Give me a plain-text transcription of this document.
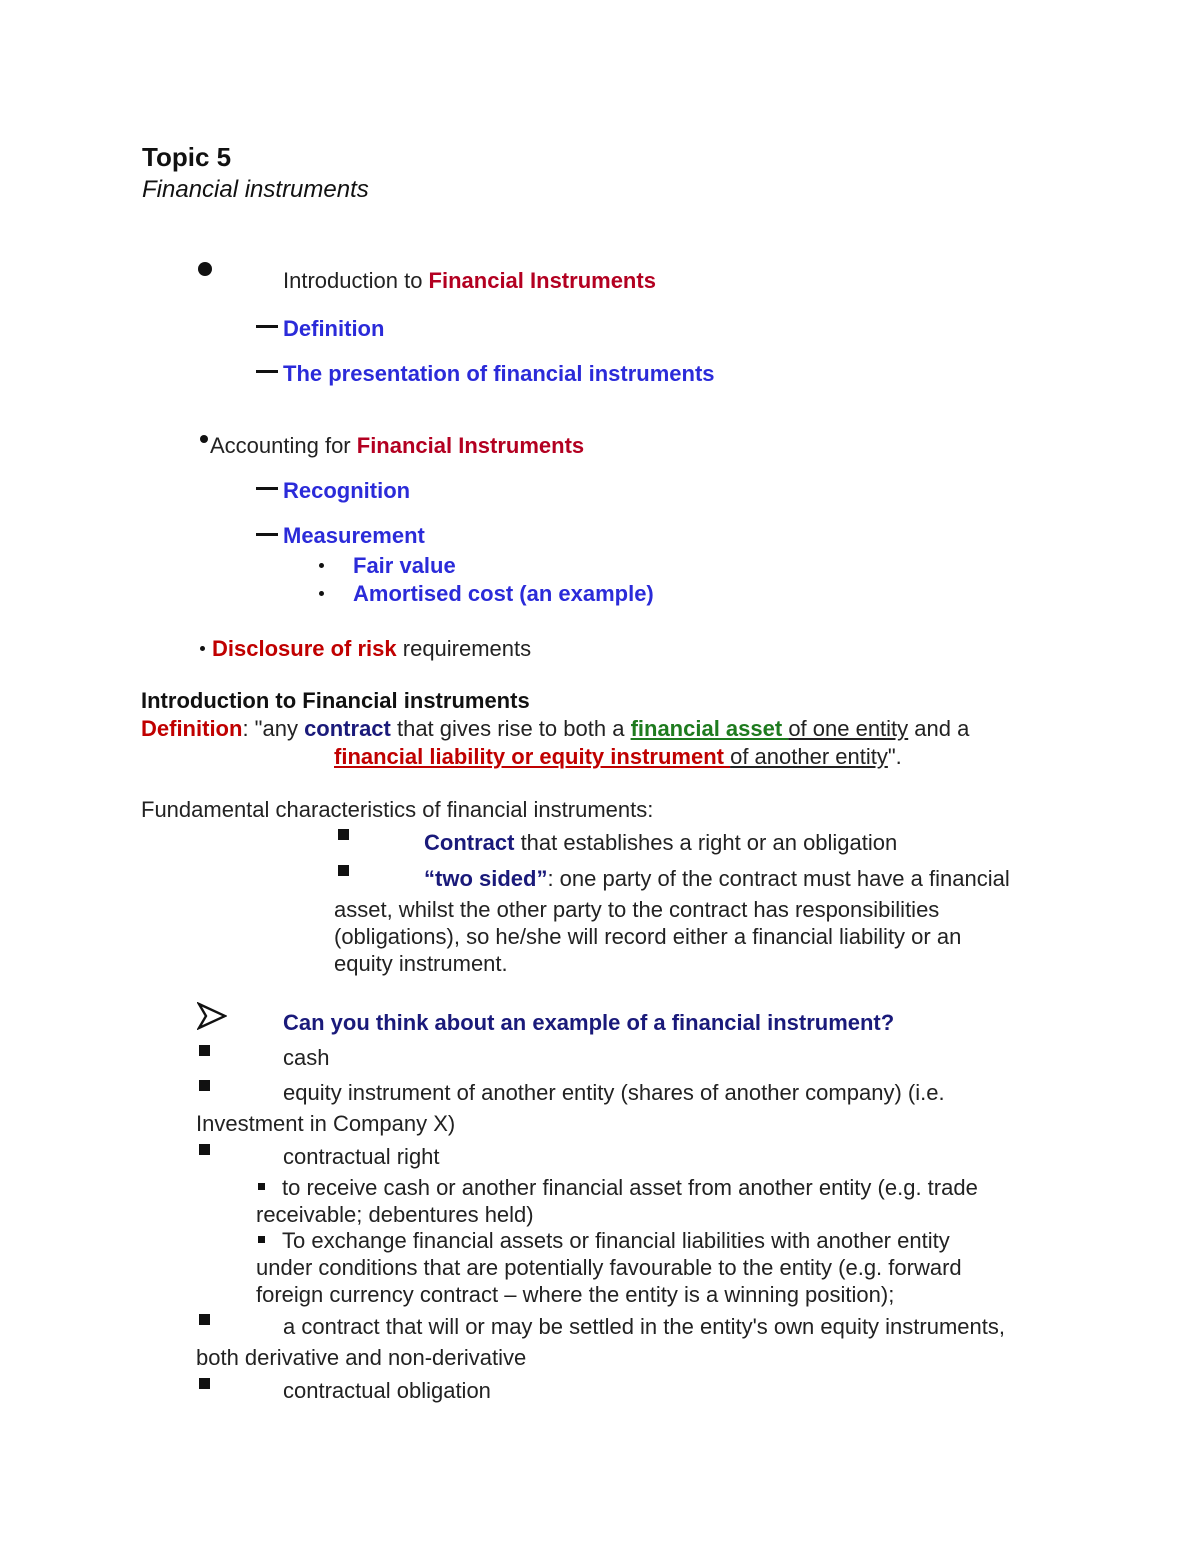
Topic 5
Financial instruments
Introduction to Financial Instruments
Definition
The presentation of financial instruments
Accounting for Financial Instruments
Recognition
Measurement
Fair value
Amortised cost (an example)
Disclosure of risk requirements
Introduction to Financial instruments
Definition: "any contract that gives rise to both a financial asset of one entity and a
financial liability or equity instrument of another entity".
Fundamental characteristics of financial instruments:
Contract that establishes a right or an obligation
“two sided”: one party of the contract must have a financial
asset, whilst the other party to the contract has responsibilities
(obligations), so he/she will record either a financial liability or an
equity instrument.
Can you think about an example of a financial instrument?
cash
equity instrument of another entity (shares of another company) (i.e.
Investment in Company X)
contractual right
to receive cash or another financial asset from another entity (e.g. trade
receivable; debentures held)
To exchange financial assets or financial liabilities with another entity
under conditions that are potentially favourable to the entity (e.g. forward
foreign currency contract – where the entity is a winning position);
a contract that will or may be settled in the entity's own equity instruments,
both derivative and non-derivative
contractual obligation
